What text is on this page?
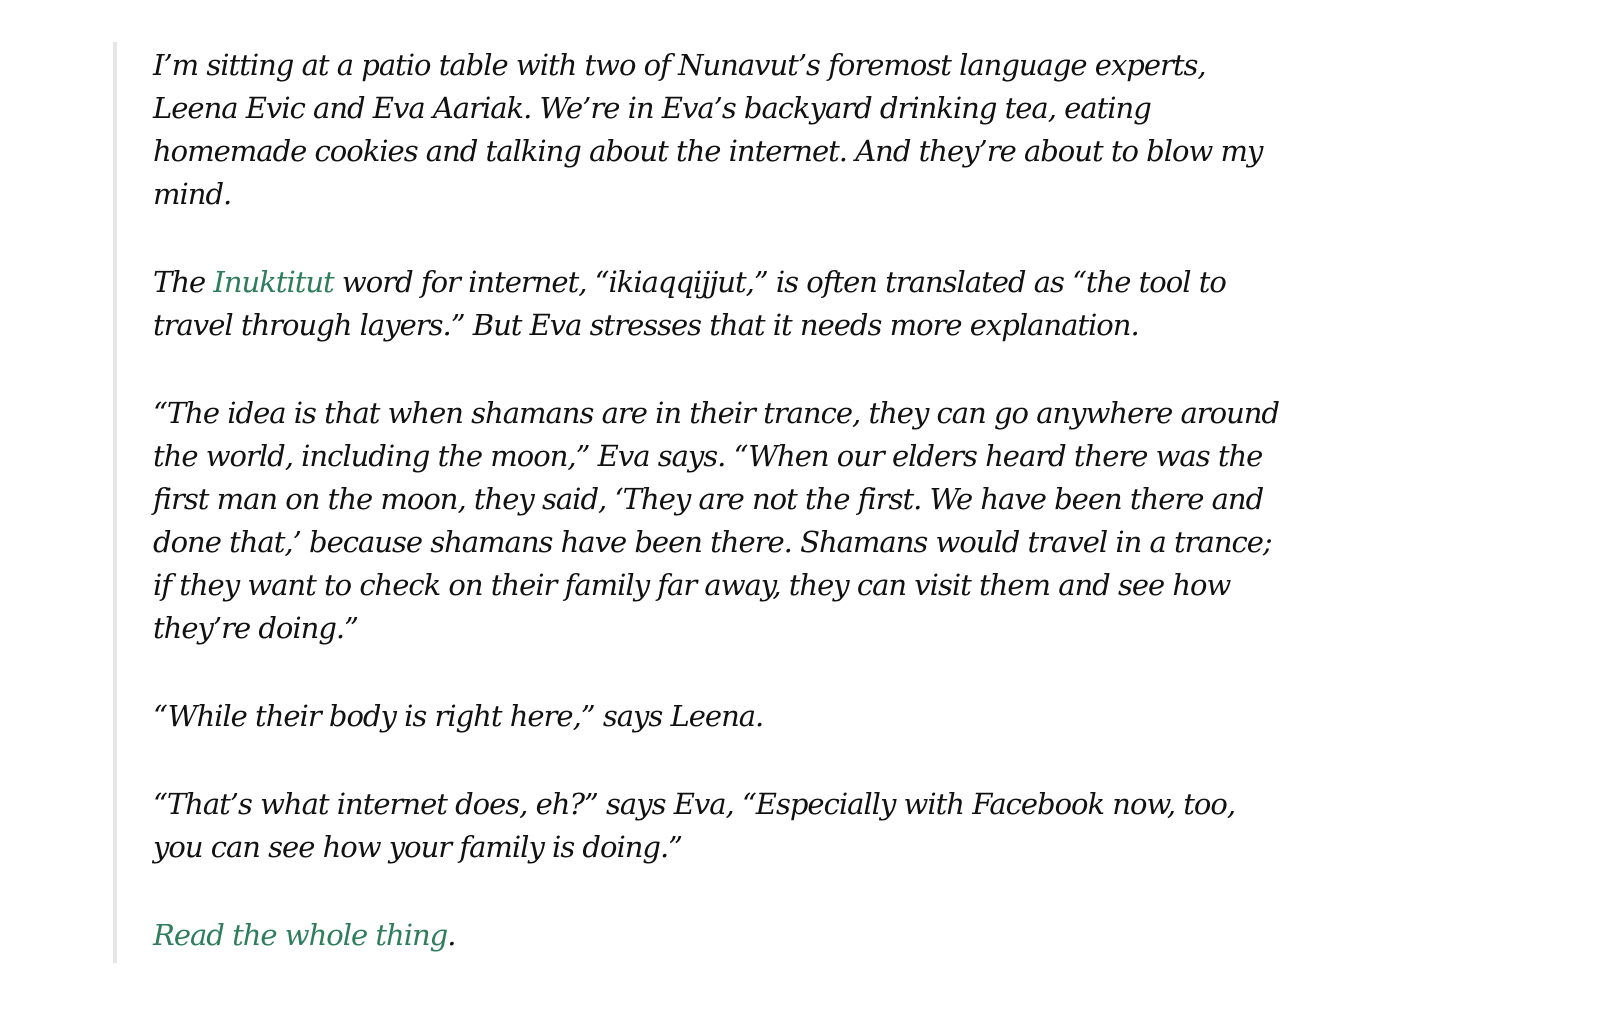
I’m sitting at a patio table with two of Nunavut’s foremost language experts, Leena Evic and Eva Aariak. We’re in Eva’s backyard drinking tea, eating homemade cookies and talking about the internet. And they’re about to blow my mind.

The Inuktitut word for internet, “ikiaqqijjut,” is often translated as “the tool to travel through layers.” But Eva stresses that it needs more explanation.

“The idea is that when shamans are in their trance, they can go anywhere around the world, including the moon,” Eva says. “When our elders heard there was the first man on the moon, they said, ‘They are not the first. We have been there and done that,’ because shamans have been there. Shamans would travel in a trance; if they want to check on their family far away, they can visit them and see how they’re doing.”

“While their body is right here,” says Leena.

“That’s what internet does, eh?” says Eva, “Especially with Facebook now, too, you can see how your family is doing.”

Read the whole thing.
